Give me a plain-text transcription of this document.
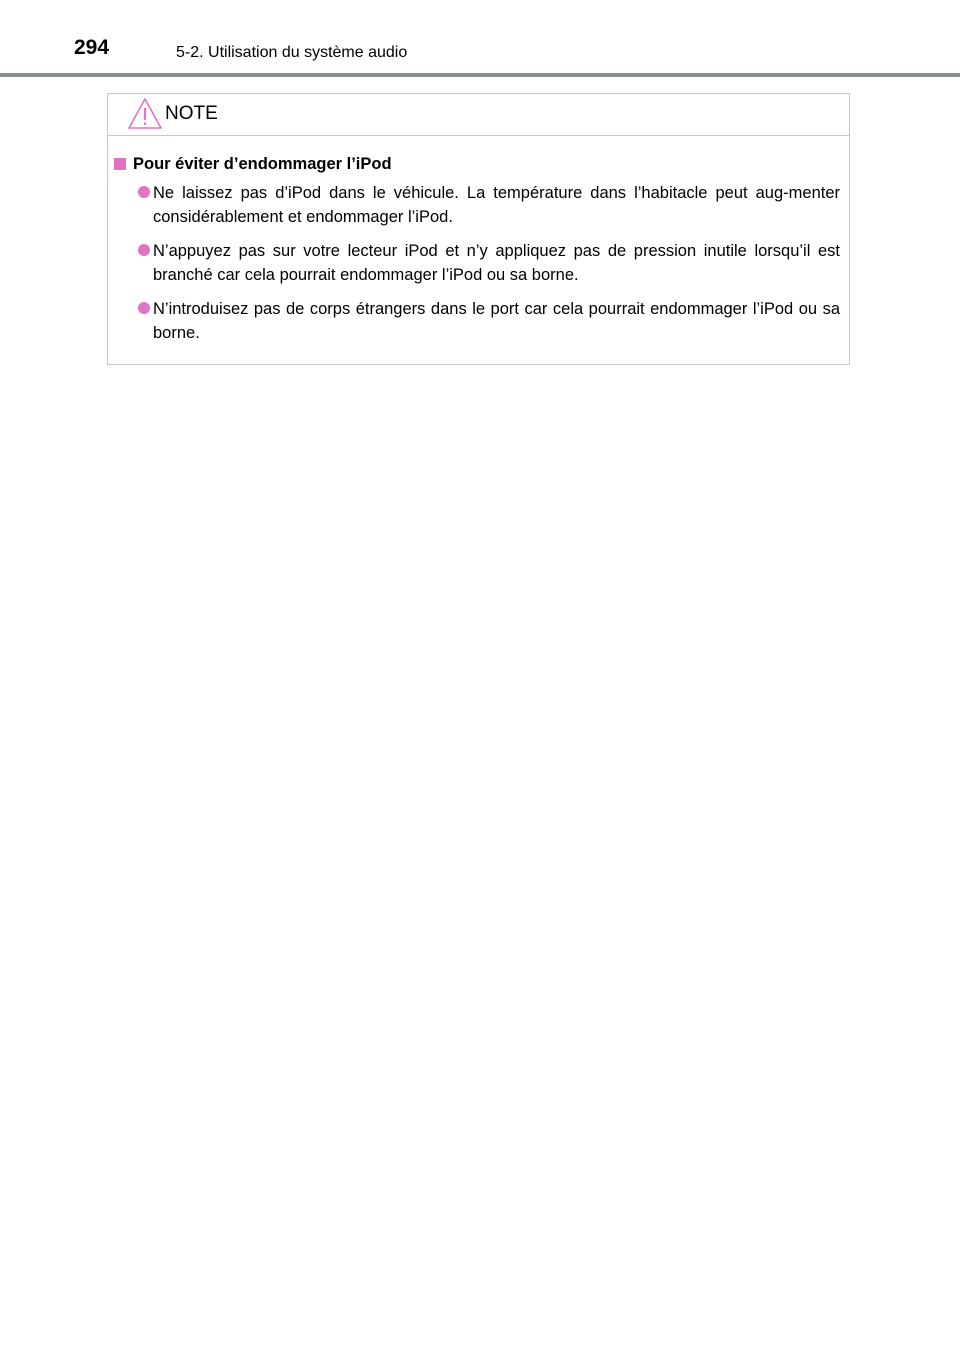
294	5-2. Utilisation du système audio
NOTE
Pour éviter d’endommager l’iPod
Ne laissez pas d’iPod dans le véhicule. La température dans l’habitacle peut aug-menter considérablement et endommager l’iPod.
N’appuyez pas sur votre lecteur iPod et n’y appliquez pas de pression inutile lorsqu’il est branché car cela pourrait endommager l’iPod ou sa borne.
N’introduisez pas de corps étrangers dans le port car cela pourrait endommager l’iPod ou sa borne.
